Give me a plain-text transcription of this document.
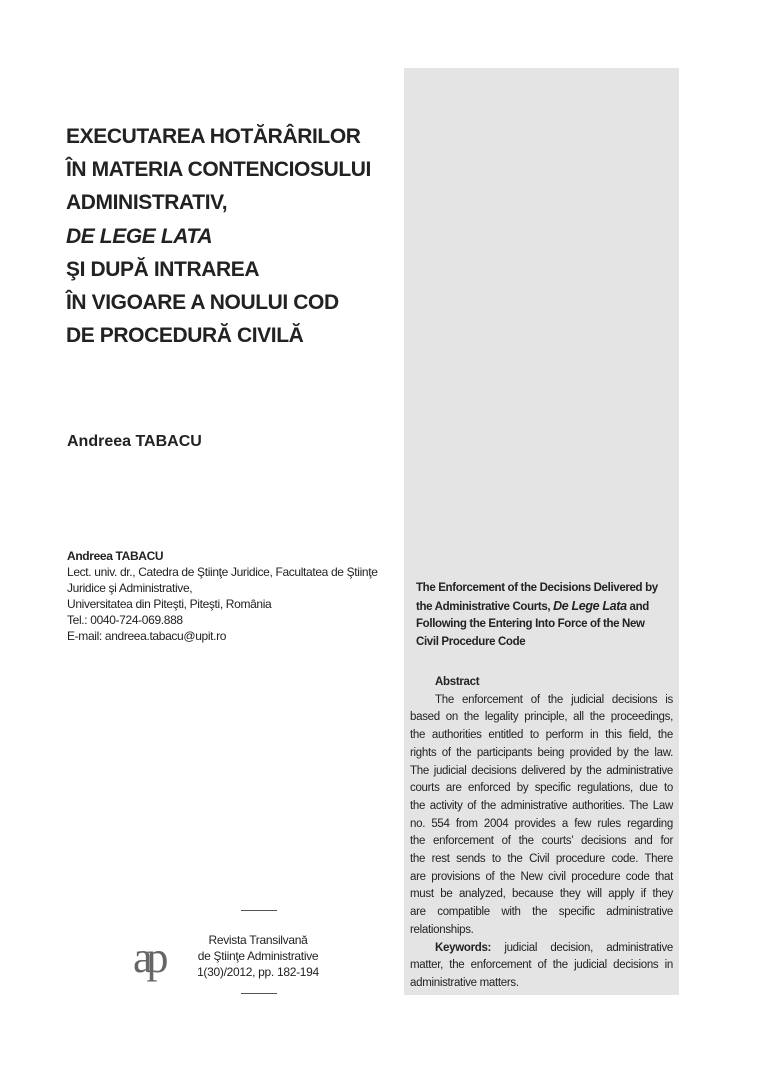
EXECUTAREA HOTĂRÂRILOR
ÎN MATERIA CONTENCIOSULUI
ADMINISTRATIV,
DE LEGE LATA
ŞI DUPĂ INTRAREA
ÎN VIGOARE A NOULUI COD
DE PROCEDURĂ CIVILĂ

Andreea TABACU

Andreea TABACU
Lect. univ. dr., Catedra de Ştiinţe Juridice, Facultatea de Ştiinţe
Juridice şi Administrative,
Universitatea din Piteşti, Piteşti, România
Tel.: 0040-724-069.888
E-mail: andreea.tabacu@upit.ro
The Enforcement of the Decisions Delivered by
the Administrative Courts, De Lege Lata and
Following the Entering Into Force of the New
Civil Procedure Code
Abstract
The enforcement of the judicial decisions is
based on the legality principle, all the proceedings,
the authorities entitled to perform in this field, the
rights of the participants being provided by the law.
The judicial decisions delivered by the administrative
courts are enforced by specific regulations, due to
the activity of the administrative authorities. The Law
no. 554 from 2004 provides a few rules regarding
the enforcement of the courts’ decisions and for
the rest sends to the Civil procedure code. There
are provisions of the New civil procedure code that
must be analyzed, because they will apply if they
are compatible with the specific administrative
relationships.
Keywords: judicial decision, administrative
matter, the enforcement of the judicial decisions in
administrative matters.
ap	Revista Transilvană
de Ştiinţe Administrative
1(30)/2012, pp. 182-194
